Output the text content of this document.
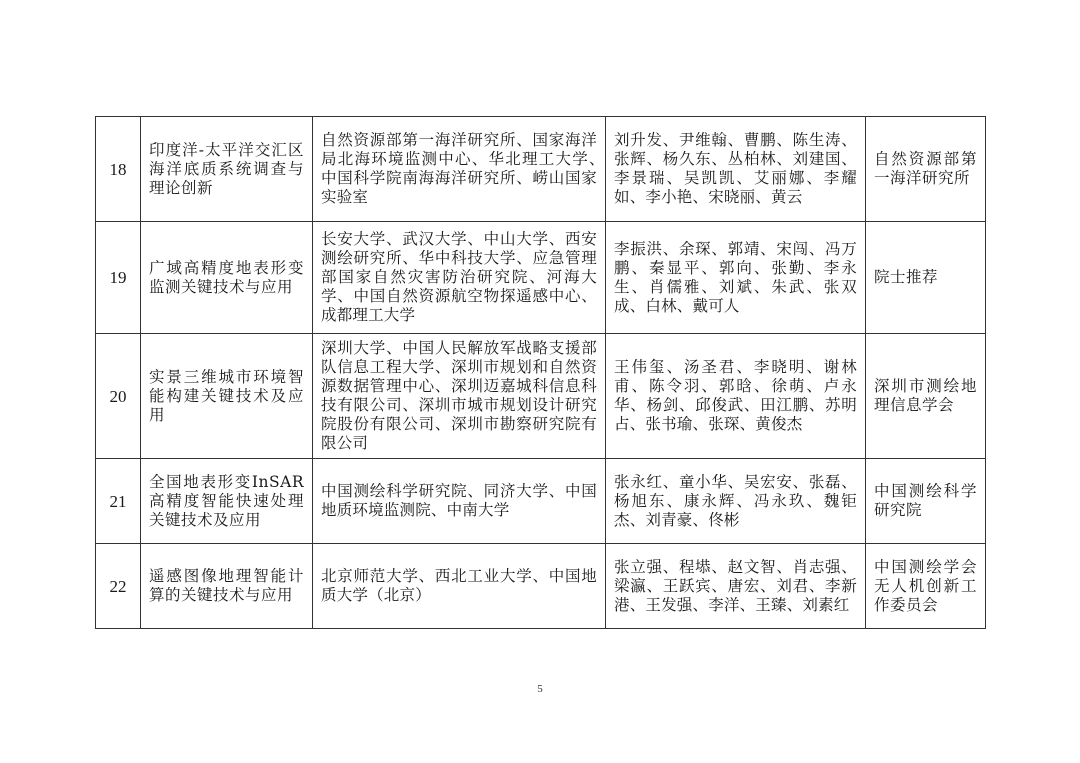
18	印度洋-太平洋交汇区海洋底质系统调查与理论创新	自然资源部第一海洋研究所、国家海洋局北海环境监测中心、华北理工大学、　中国科学院南海海洋研究所、崂山国家实验室	刘升发、尹维翰、曹鹏、陈生涛、张辉、杨久东、丛柏林、刘建国、李景瑞、吴凯凯、艾丽娜、李耀如、李小艳、宋晓丽、黄云	自然资源部第一海洋研究所
19	广域高精度地表形变监测关键技术与应用	长安大学、武汉大学、中山大学、西安测绘研究所、华中科技大学、应急管理部国家自然灾害防治研究院、河海大学、中国自然资源航空物探遥感中心、成都理工大学	李振洪、余琛、郭靖、宋闯、冯万鹏、秦显平、郭向、张勤、李永生、肖儒雅、刘斌、朱武、张双成、白林、戴可人	院士推荐
20	实景三维城市环境智能构建关键技术及应用	深圳大学、中国人民解放军战略支援部队信息工程大学、深圳市规划和自然资源数据管理中心、深圳迈嘉城科信息科技有限公司、深圳市城市规划设计研究院股份有限公司、深圳市勘察研究院有限公司	王伟玺、汤圣君、李晓明、谢林甫、陈令羽、郭晗、徐萌、卢永华、杨剑、邱俊武、田江鹏、苏明占、张书瑜、张琛、黄俊杰	深圳市测绘地理信息学会
21	全国地表形变InSAR高精度智能快速处理关键技术及应用	中国测绘科学研究院、同济大学、中国地质环境监测院、中南大学	张永红、童小华、吴宏安、张磊、杨旭东、康永辉、冯永玖、魏钜杰、刘青豪、佟彬	中国测绘科学研究院
22	遥感图像地理智能计算的关键技术与应用	北京师范大学、西北工业大学、中国地质大学（北京）	张立强、程塨、赵文智、肖志强、梁瀛、王跃宾、唐宏、刘君、李新港、王发强、李洋、王臻、刘素红	中国测绘学会无人机创新工作委员会
5
